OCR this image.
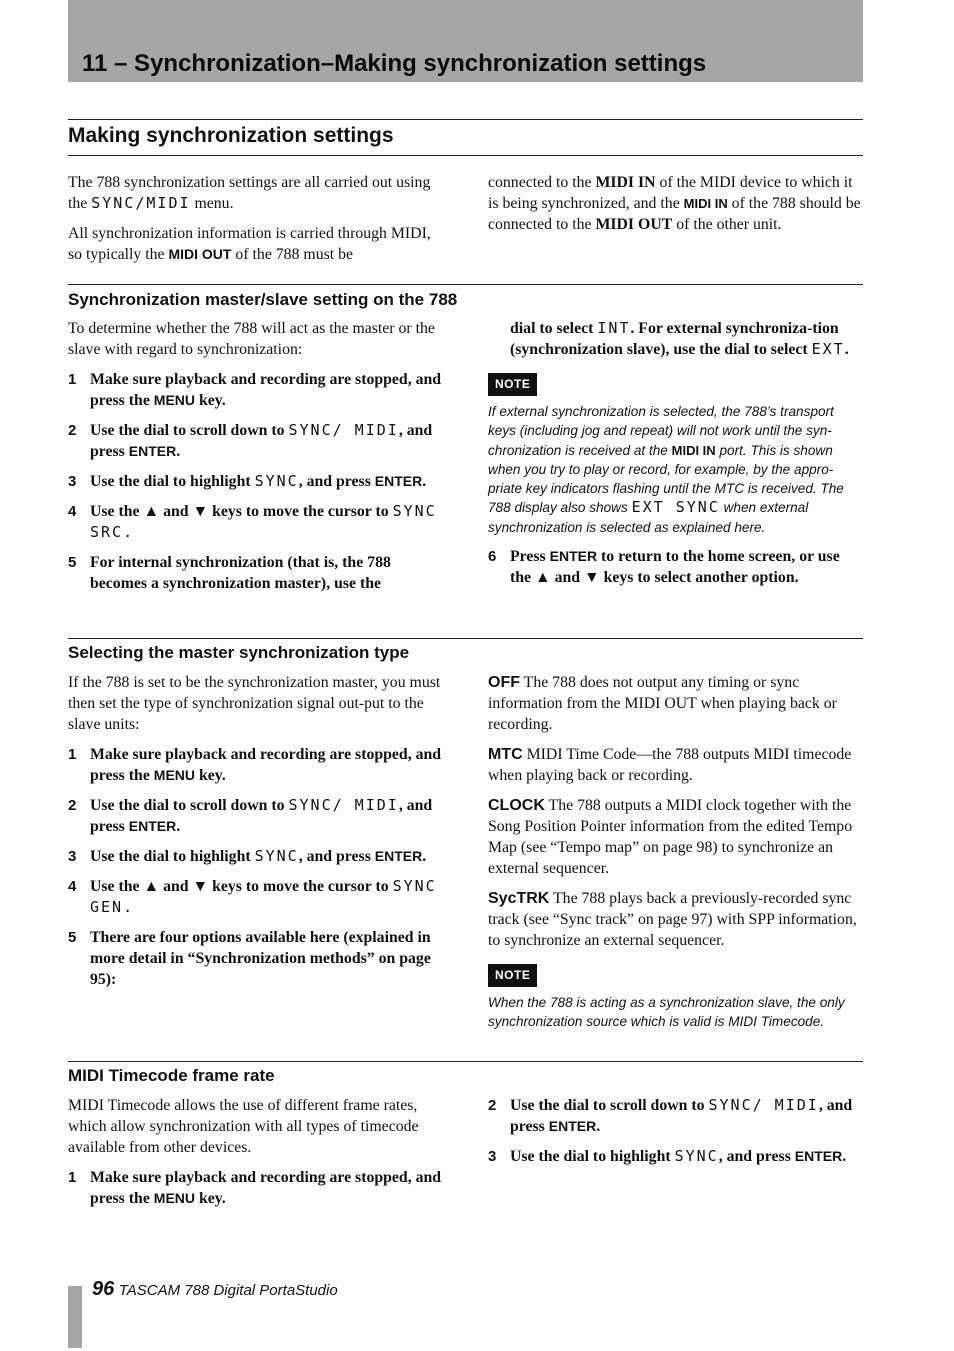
11 – Synchronization–Making synchronization settings
Making synchronization settings

The 788 synchronization settings are all carried out using the SYNC/MIDI menu.

All synchronization information is carried through MIDI, so typically the MIDI OUT of the 788 must be

connected to the MIDI IN of the MIDI device to which it is being synchronized, and the MIDI IN of the 788 should be connected to the MIDI OUT of the other unit.

Synchronization master/slave setting on the 788

To determine whether the 788 will act as the master or the slave with regard to synchronization:

1 Make sure playback and recording are stopped, and press the MENU key.
2 Use the dial to scroll down to SYNC/ MIDI, and press ENTER.
3 Use the dial to highlight SYNC, and press ENTER.
4 Use the ▲ and ▼ keys to move the cursor to SYNC SRC.
5 For internal synchronization (that is, the 788 becomes a synchronization master), use the
dial to select INT. For external synchroniza-tion (synchronization slave), use the dial to select EXT.
NOTE

If external synchronization is selected, the 788’s transport keys (including jog and repeat) will not work until the syn-chronization is received at the MIDI IN port. This is shown when you try to play or record, for example, by the appro-priate key indicators flashing until the MTC is received. The 788 display also shows EXT SYNC when external synchronization is selected as explained here.

6 Press ENTER to return to the home screen, or use the ▲ and ▼ keys to select another option.
Selecting the master synchronization type

If the 788 is set to be the synchronization master, you must then set the type of synchronization signal out-put to the slave units:

1 Make sure playback and recording are stopped, and press the MENU key.
2 Use the dial to scroll down to SYNC/ MIDI, and press ENTER.
3 Use the dial to highlight SYNC, and press ENTER.
4 Use the ▲ and ▼ keys to move the cursor to SYNC GEN.
5 There are four options available here (explained in more detail in “Synchronization methods” on page 95):

OFF The 788 does not output any timing or sync information from the MIDI OUT when playing back or recording.

MTC MIDI Time Code—the 788 outputs MIDI timecode when playing back or recording.

CLOCK The 788 outputs a MIDI clock together with the Song Position Pointer information from the edited Tempo Map (see “Tempo map” on page 98) to synchronize an external sequencer.

SycTRK The 788 plays back a previously-recorded sync track (see “Sync track” on page 97) with SPP information, to synchronize an external sequencer.

NOTE

When the 788 is acting as a synchronization slave, the only synchronization source which is valid is MIDI Timecode.

MIDI Timecode frame rate

MIDI Timecode allows the use of different frame rates, which allow synchronization with all types of timecode available from other devices.

1 Make sure playback and recording are stopped, and press the MENU key.
2 Use the dial to scroll down to SYNC/ MIDI, and press ENTER.
3 Use the dial to highlight SYNC, and press ENTER.
96 TASCAM 788 Digital PortaStudio
